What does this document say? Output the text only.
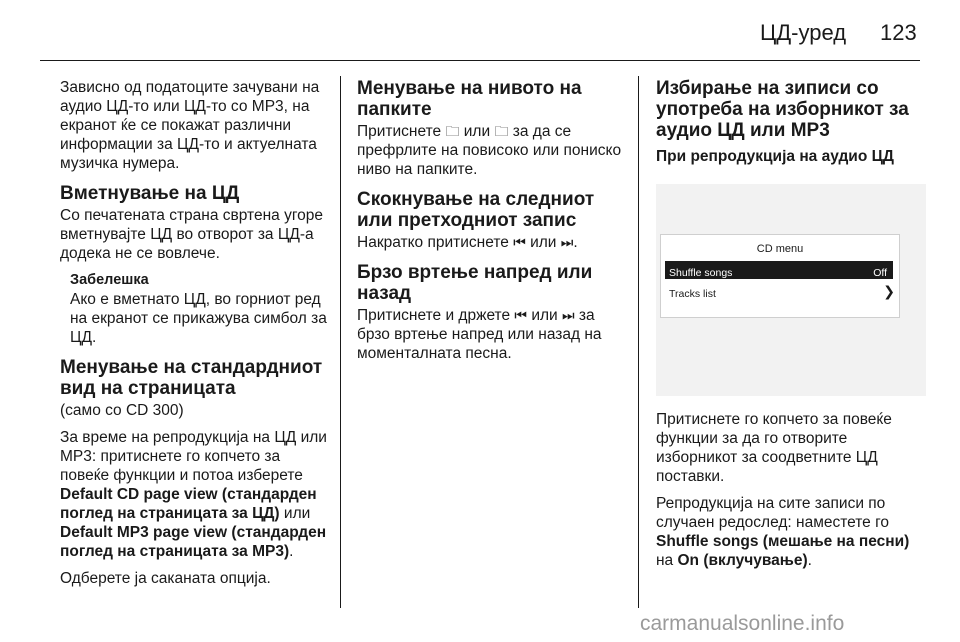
ЦД-уред 123

Зависно од податоците зачувани на аудио ЦД-то или ЦД-то со MP3, на екранот ќе се покажат различни информации за ЦД-то и актуелната музичка нумера.

Вметнување на ЦД

Со печатената страна свртена угоре вметнувајте ЦД во отворот за ЦД-а додека не се вовлече.

Забелешка

Ако е вметнато ЦД, во горниот ред на екранот се прикажува симбол за ЦД.

Менување на стандардниот вид на страницата

(само со CD 300)

За време на репродукција на ЦД или MP3: притиснете го копчето за повеќе функции и потоа изберете Default CD page view (стандарден поглед на страницата за ЦД) или Default MP3 page view (стандарден поглед на страницата за MP3).

Одберете ја саканата опција.

Менување на нивото на папките

Притиснете 🗀 или 🗀 за да се префрлите на повисоко или пониско ниво на папките.

Скокнување на следниот или претходниот запис

Накратко притиснете ⏮ или ⏭.

Брзо вртење напред или назад

Притиснете и држете ⏮ или ⏭ за брзо вртење напред или назад на моменталната песна.

Избирање на зиписи со употреба на изборникот за аудио ЦД или MP3
При репродукција на аудио ЦД
CD menu
Shuffle songs	Off
Tracks list	❯

Притиснете го копчето за повеќе функции за да го отворите изборникот за соодветните ЦД поставки.

Репродукција на сите записи по случаен редослед: наместете го Shuffle songs (мешање на песни) на On (вклучување).

carmanualsonline.info
